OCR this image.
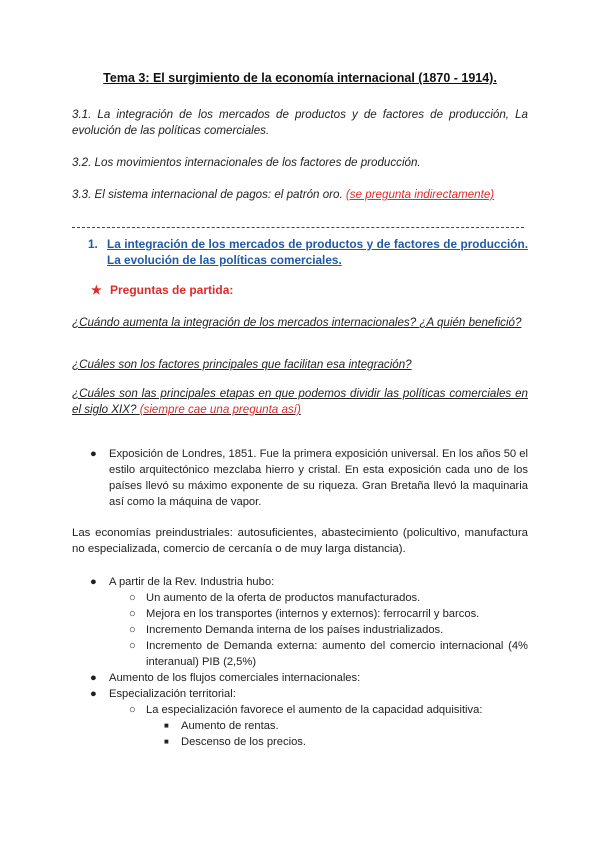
Tema 3: El surgimiento de la economía internacional (1870 - 1914).

3.1. La integración de los mercados de productos y de factores de producción, La evolución de las políticas comerciales.

3.2. Los movimientos internacionales de los factores de producción.

3.3. El sistema internacional de pagos: el patrón oro. (se pregunta indirectamente)

1. La integración de los mercados de productos y de factores de producción. La evolución de las políticas comerciales.
★ Preguntas de partida:

¿Cuándo aumenta la integración de los mercados internacionales? ¿A quién benefició?

¿Cuáles son los factores principales que facilitan esa integración?

¿Cuáles son las principales etapas en que podemos dividir las políticas comerciales en el siglo XIX? (siempre cae una pregunta así)

●	Exposición de Londres, 1851. Fue la primera exposición universal. En los años 50 el estilo arquitectónico mezclaba hierro y cristal. En esta exposición cada uno de los países llevó su máximo exponente de su riqueza. Gran Bretaña llevó la maquinaria así como la máquina de vapor.

Las economías preindustriales: autosuficientes, abastecimiento (policultivo, manufactura no especializada, comercio de cercanía o de muy larga distancia).

●	A partir de la Rev. Industria hubo:
○ Un aumento de la oferta de productos manufacturados.
○ Mejora en los transportes (internos y externos): ferrocarril y barcos.
○ Incremento Demanda interna de los países industrializados.
○ Incremento de Demanda externa: aumento del comercio internacional (4% interanual) PIB (2,5%)
●	Aumento de los flujos comerciales internacionales:
●	Especialización territorial:
○ La especialización favorece el aumento de la capacidad adquisitiva:
■	Aumento de rentas.
■	Descenso de los precios.
